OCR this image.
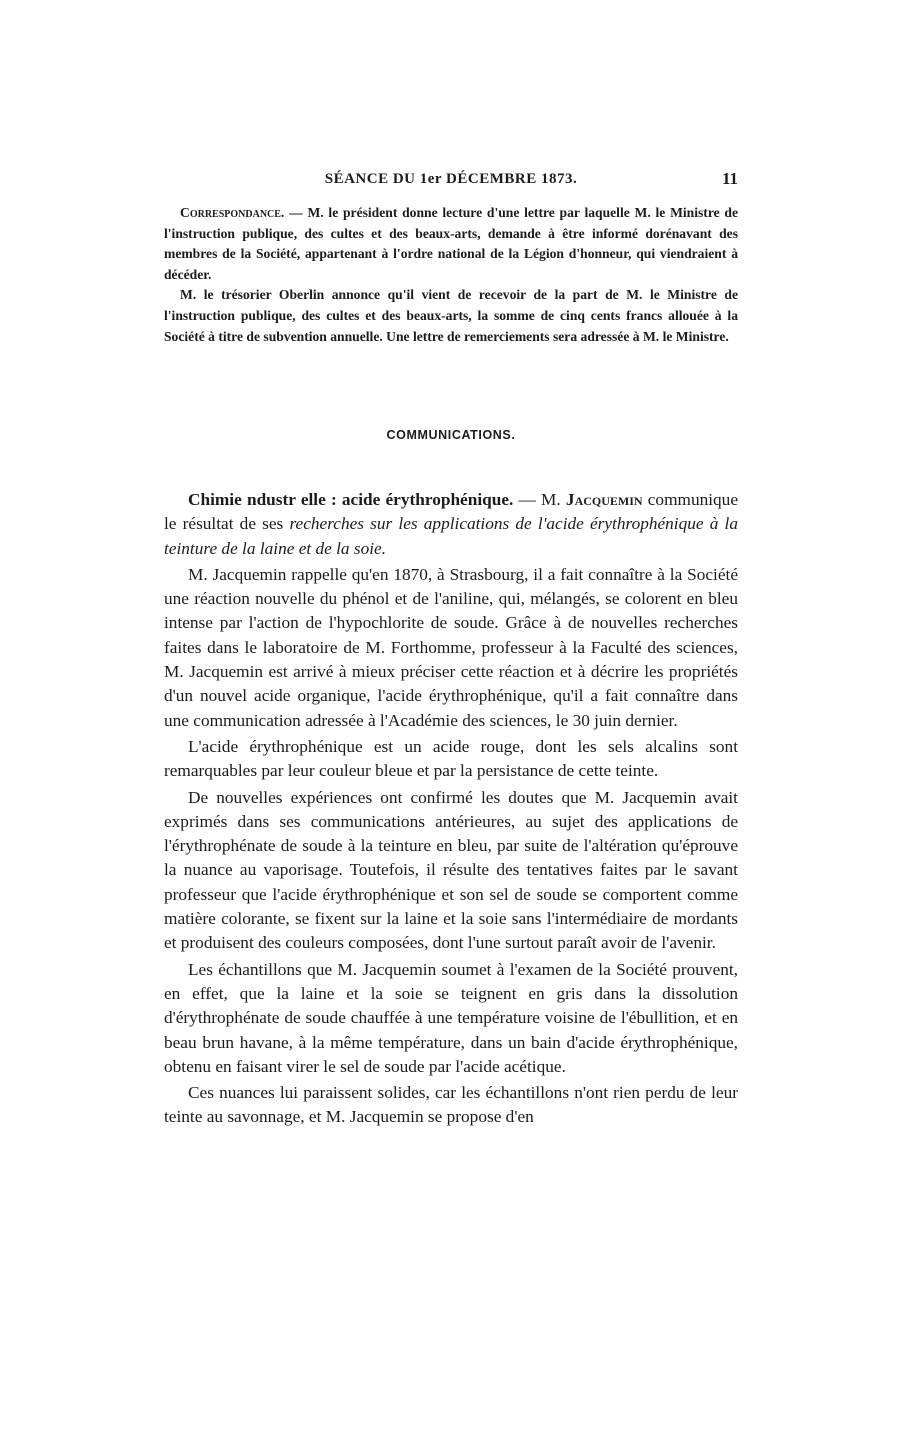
SÉANCE DU 1er DÉCEMBRE 1873.	11

Correspondance. — M. le président donne lecture d'une lettre par laquelle M. le Ministre de l'instruction publique, des cultes et des beaux-arts, demande à être informé dorénavant des membres de la Société, appartenant à l'ordre national de la Légion d'honneur, qui viendraient à décéder.

M. le trésorier Oberlin annonce qu'il vient de recevoir de la part de M. le Ministre de l'instruction publique, des cultes et des beaux-arts, la somme de cinq cents francs allouée à la Société à titre de subvention annuelle. Une lettre de remerciements sera adressée à M. le Ministre.

COMMUNICATIONS.

Chimie ndustr elle : acide érythrophénique. — M. Jacquemin communique le résultat de ses recherches sur les applications de l'acide érythrophénique à la teinture de la laine et de la soie.

M. Jacquemin rappelle qu'en 1870, à Strasbourg, il a fait connaître à la Société une réaction nouvelle du phénol et de l'aniline, qui, mélangés, se colorent en bleu intense par l'action de l'hypochlorite de soude. Grâce à de nouvelles recherches faites dans le laboratoire de M. Forthomme, professeur à la Faculté des sciences, M. Jacquemin est arrivé à mieux préciser cette réaction et à décrire les propriétés d'un nouvel acide organique, l'acide érythrophénique, qu'il a fait connaître dans une communication adressée à l'Académie des sciences, le 30 juin dernier.

L'acide érythrophénique est un acide rouge, dont les sels alcalins sont remarquables par leur couleur bleue et par la persistance de cette teinte.

De nouvelles expériences ont confirmé les doutes que M. Jacquemin avait exprimés dans ses communications antérieures, au sujet des applications de l'érythrophénate de soude à la teinture en bleu, par suite de l'altération qu'éprouve la nuance au vaporisage. Toutefois, il résulte des tentatives faites par le savant professeur que l'acide érythrophénique et son sel de soude se comportent comme matière colorante, se fixent sur la laine et la soie sans l'intermédiaire de mordants et produisent des couleurs composées, dont l'une surtout paraît avoir de l'avenir.

Les échantillons que M. Jacquemin soumet à l'examen de la Société prouvent, en effet, que la laine et la soie se teignent en gris dans la dissolution d'érythrophénate de soude chauffée à une température voisine de l'ébullition, et en beau brun havane, à la même température, dans un bain d'acide érythrophénique, obtenu en faisant virer le sel de soude par l'acide acétique.

Ces nuances lui paraissent solides, car les échantillons n'ont rien perdu de leur teinte au savonnage, et M. Jacquemin se propose d'en
